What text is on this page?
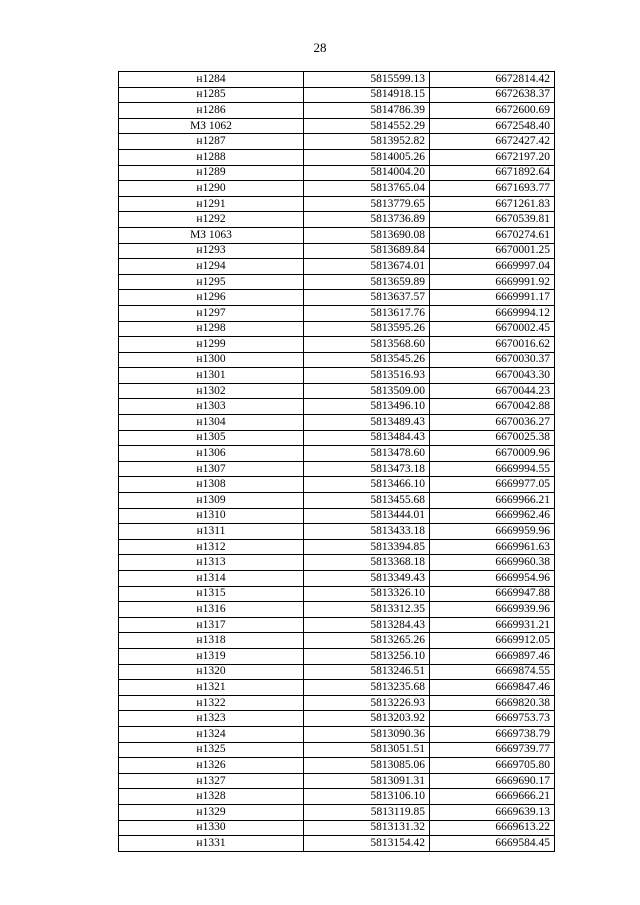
28
н1284	5815599.13	6672814.42
н1285	5814918.15	6672638.37
н1286	5814786.39	6672600.69
МЗ 1062	5814552.29	6672548.40
н1287	5813952.82	6672427.42
н1288	5814005.26	6672197.20
н1289	5814004.20	6671892.64
н1290	5813765.04	6671693.77
н1291	5813779.65	6671261.83
н1292	5813736.89	6670539.81
МЗ 1063	5813690.08	6670274.61
н1293	5813689.84	6670001.25
н1294	5813674.01	6669997.04
н1295	5813659.89	6669991.92
н1296	5813637.57	6669991.17
н1297	5813617.76	6669994.12
н1298	5813595.26	6670002.45
н1299	5813568.60	6670016.62
н1300	5813545.26	6670030.37
н1301	5813516.93	6670043.30
н1302	5813509.00	6670044.23
н1303	5813496.10	6670042.88
н1304	5813489.43	6670036.27
н1305	5813484.43	6670025.38
н1306	5813478.60	6670009.96
н1307	5813473.18	6669994.55
н1308	5813466.10	6669977.05
н1309	5813455.68	6669966.21
н1310	5813444.01	6669962.46
н1311	5813433.18	6669959.96
н1312	5813394.85	6669961.63
н1313	5813368.18	6669960.38
н1314	5813349.43	6669954.96
н1315	5813326.10	6669947.88
н1316	5813312.35	6669939.96
н1317	5813284.43	6669931.21
н1318	5813265.26	6669912.05
н1319	5813256.10	6669897.46
н1320	5813246.51	6669874.55
н1321	5813235.68	6669847.46
н1322	5813226.93	6669820.38
н1323	5813203.92	6669753.73
н1324	5813090.36	6669738.79
н1325	5813051.51	6669739.77
н1326	5813085.06	6669705.80
н1327	5813091.31	6669690.17
н1328	5813106.10	6669666.21
н1329	5813119.85	6669639.13
н1330	5813131.32	6669613.22
н1331	5813154.42	6669584.45
